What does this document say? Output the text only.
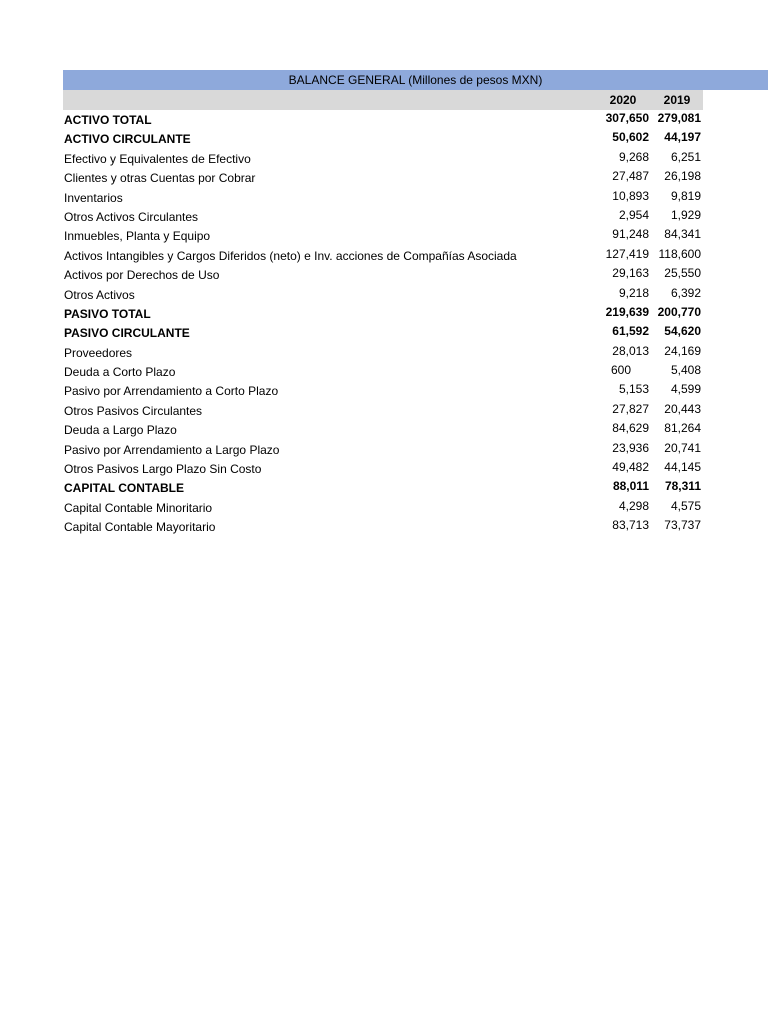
BALANCE GENERAL (Millones de pesos MXN)
2020	2019
ACTIVO TOTAL	307,650 279,081
ACTIVO CIRCULANTE	50,602	44,197
Efectivo y Equivalentes de Efectivo	9,268	6,251
Clientes y otras Cuentas por Cobrar	27,487	26,198
Inventarios	10,893	9,819
Otros Activos Circulantes	2,954	1,929
Inmuebles, Planta y Equipo	91,248	84,341
Activos Intangibles y Cargos Diferidos (neto) e Inv. acciones de Compañías Asociada	127,419 118,600
Activos por Derechos de Uso	29,163	25,550
Otros Activos	9,218	6,392
PASIVO TOTAL	219,639 200,770
PASIVO CIRCULANTE	61,592	54,620
Proveedores	28,013	24,169
Deuda a Corto Plazo	600	5,408
Pasivo por Arrendamiento a Corto Plazo	5,153	4,599
Otros Pasivos Circulantes	27,827	20,443
Deuda a Largo Plazo	84,629	81,264
Pasivo por Arrendamiento a Largo Plazo	23,936	20,741
Otros Pasivos Largo Plazo Sin Costo	49,482	44,145
CAPITAL CONTABLE	88,011	78,311
Capital Contable Minoritario	4,298	4,575
Capital Contable Mayoritario	83,713	73,737
